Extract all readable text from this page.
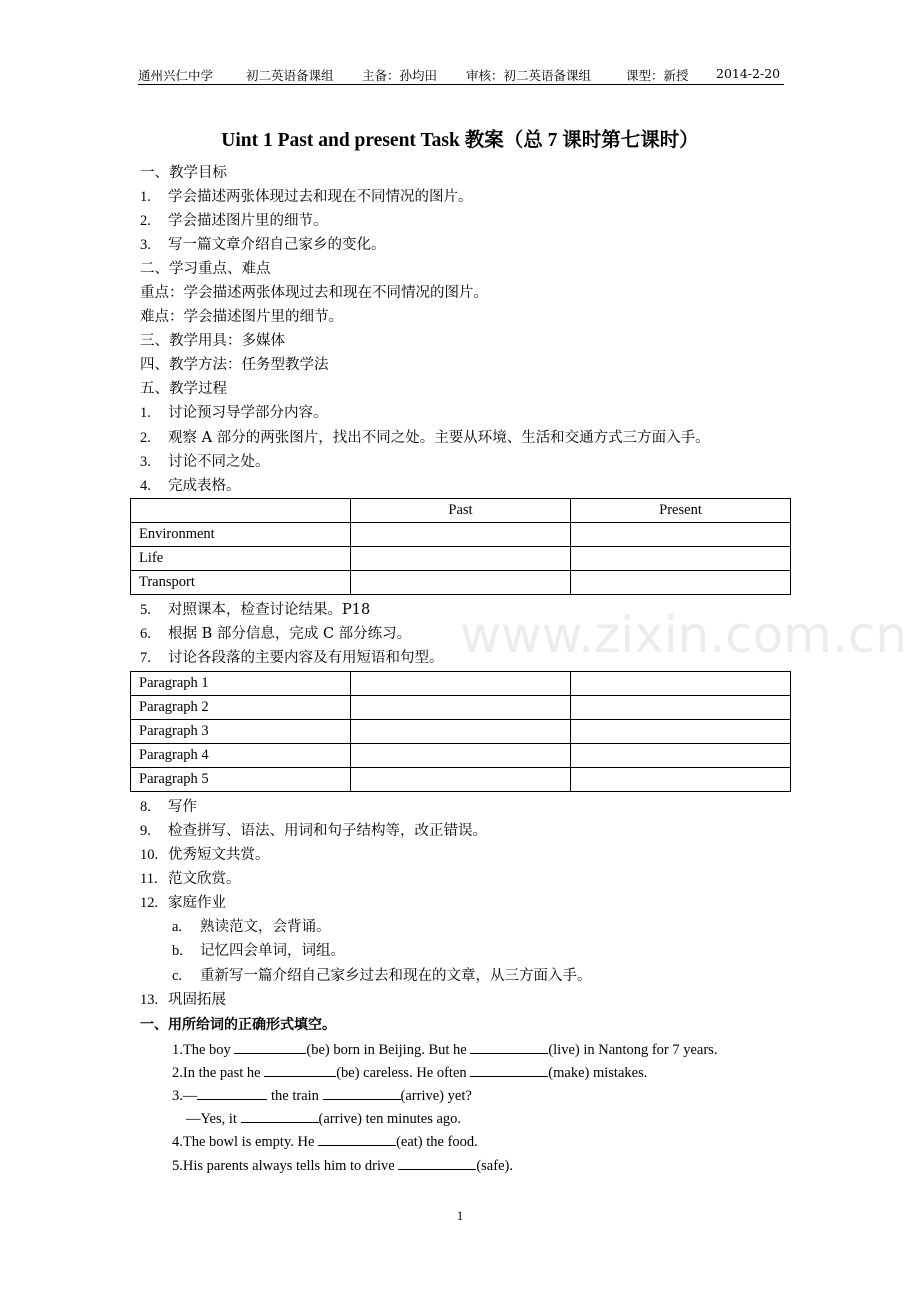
通州兴仁中学	初二英语备课组 主备：孙均田 审核：初二英语备课组	课型：新授 2014-2-20
Uint 1 Past and present Task 教案（总 7 课时第七课时）
www.zixin.com.cn
一、教学目标
1. 学会描述两张体现过去和现在不同情况的图片。
2. 学会描述图片里的细节。
3. 写一篇文章介绍自己家乡的变化。
二、学习重点、难点
重点：学会描述两张体现过去和现在不同情况的图片。
难点：学会描述图片里的细节。
三、教学用具：多媒体
四、教学方法：任务型教学法
五、教学过程
1. 讨论预习导学部分内容。
2. 观察 A 部分的两张图片，找出不同之处。主要从环境、生活和交通方式三方面入手。
3. 讨论不同之处。
4. 完成表格。
	Past	Present
Environment		
Life		
Transport		
5. 对照课本，检查讨论结果。P18
6. 根据 B 部分信息，完成 C 部分练习。
7. 讨论各段落的主要内容及有用短语和句型。
Paragraph 1		
Paragraph 2		
Paragraph 3		
Paragraph 4		
Paragraph 5		
8. 写作
9. 检查拼写、语法、用词和句子结构等，改正错误。
10. 优秀短文共赏。
11. 范文欣赏。
12. 家庭作业
a. 熟读范文，会背诵。
b. 记忆四会单词，词组。
c. 重新写一篇介绍自己家乡过去和现在的文章，从三方面入手。
13. 巩固拓展
一、用所给词的正确形式填空。
1.The boy	(be) born in Beijing. But he	(live) in Nantong for 7 years.
2.In the past he	(be) careless. He often	(make) mistakes.
3.—	the train	(arrive) yet?
—Yes, it	(arrive) ten minutes ago.
4.The bowl is empty. He	(eat) the food.
5.His parents always tells him to drive	(safe).
1
